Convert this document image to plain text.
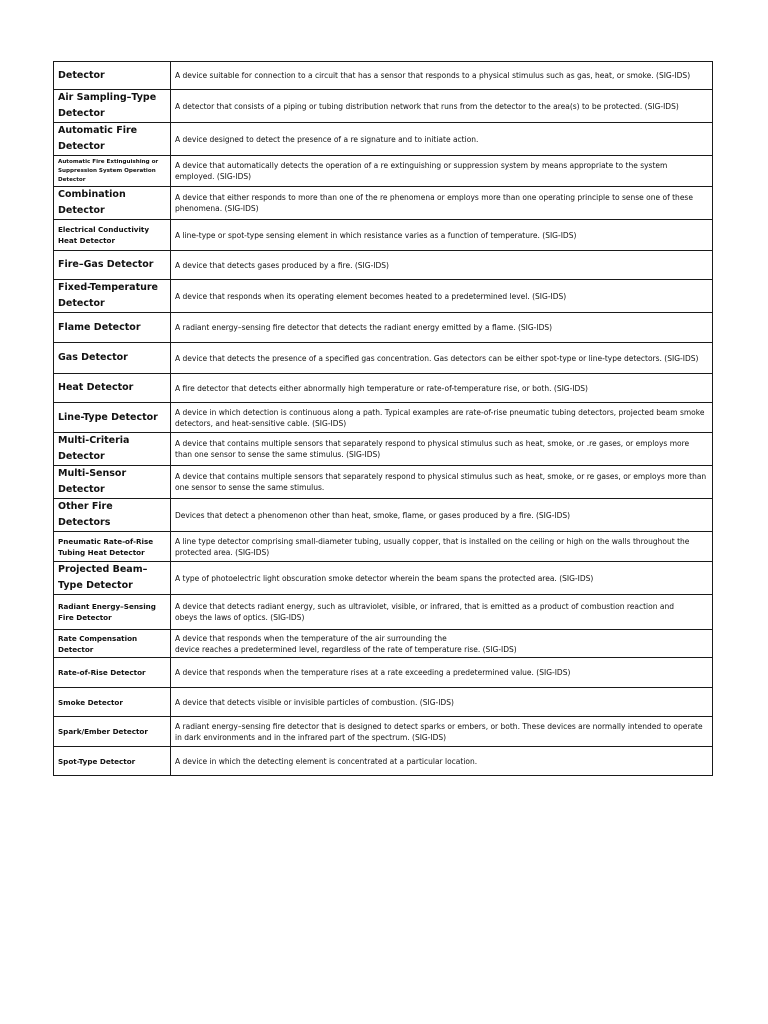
Detector	A device suitable for connection to a circuit that has a sensor that responds to a physical stimulus such as gas, heat, or smoke. (SIG-IDS)
Air Sampling–Type Detector	A detector that consists of a piping or tubing distribution network that runs from the detector to the area(s) to be protected. (SIG-IDS)
Automatic Fire Detector	A device designed to detect the presence of a re signature and to initiate action.
Automatic Fire Extinguishing or Suppression System Operation Detector	A device that automatically detects the operation of a re extinguishing or suppression system by means appropriate to the system employed. (SIG-IDS)
Combination Detector	A device that either responds to more than one of the re phenomena or employs more than one operating principle to sense one of these phenomena. (SIG-IDS)
Electrical Conductivity Heat Detector	A line-type or spot-type sensing element in which resistance varies as a function of temperature. (SIG-IDS)
Fire–Gas Detector	A device that detects gases produced by a fire. (SIG-IDS)
Fixed-Temperature Detector	A device that responds when its operating element becomes heated to a predetermined level. (SIG-IDS)
Flame Detector	A radiant energy–sensing fire detector that detects the radiant energy emitted by a flame. (SIG-IDS)
Gas Detector	A device that detects the presence of a specified gas concentration. Gas detectors can be either spot-type or line-type detectors. (SIG-IDS)
Heat Detector	A fire detector that detects either abnormally high temperature or rate-of-temperature rise, or both. (SIG-IDS)
Line-Type Detector	A device in which detection is continuous along a path. Typical examples are rate-of-rise pneumatic tubing detectors, projected beam smoke detectors, and heat-sensitive cable. (SIG-IDS)
Multi-Criteria Detector	A device that contains multiple sensors that separately respond to physical stimulus such as heat, smoke, or .re gases, or employs more than one sensor to sense the same stimulus. (SIG-IDS)
Multi-Sensor Detector	A device that contains multiple sensors that separately respond to physical stimulus such as heat, smoke, or re gases, or employs more than one sensor to sense the same stimulus.
Other Fire Detectors	Devices that detect a phenomenon other than heat, smoke, flame, or gases produced by a fire. (SIG-IDS)
Pneumatic Rate-of-Rise Tubing Heat Detector	A line type detector comprising small-diameter tubing, usually copper, that is installed on the ceiling or high on the walls throughout the protected area. (SIG-IDS)
Projected Beam–Type Detector	A type of photoelectric light obscuration smoke detector wherein the beam spans the protected area. (SIG-IDS)
Radiant Energy–Sensing Fire Detector	A device that detects radiant energy, such as ultraviolet, visible, or infrared, that is emitted as a product of combustion reaction and
obeys the laws of optics. (SIG-IDS)
Rate Compensation Detector	A device that responds when the temperature of the air surrounding the
device reaches a predetermined level, regardless of the rate of temperature rise. (SIG-IDS)
Rate-of-Rise Detector	A device that responds when the temperature rises at a rate exceeding a predetermined value. (SIG-IDS)
Smoke Detector	A device that detects visible or invisible particles of combustion. (SIG-IDS)
Spark/Ember Detector	A radiant energy–sensing fire detector that is designed to detect sparks or embers, or both. These devices are normally intended to operate in dark environments and in the infrared part of the spectrum. (SIG-IDS)
Spot-Type Detector	A device in which the detecting element is concentrated at a particular location.
